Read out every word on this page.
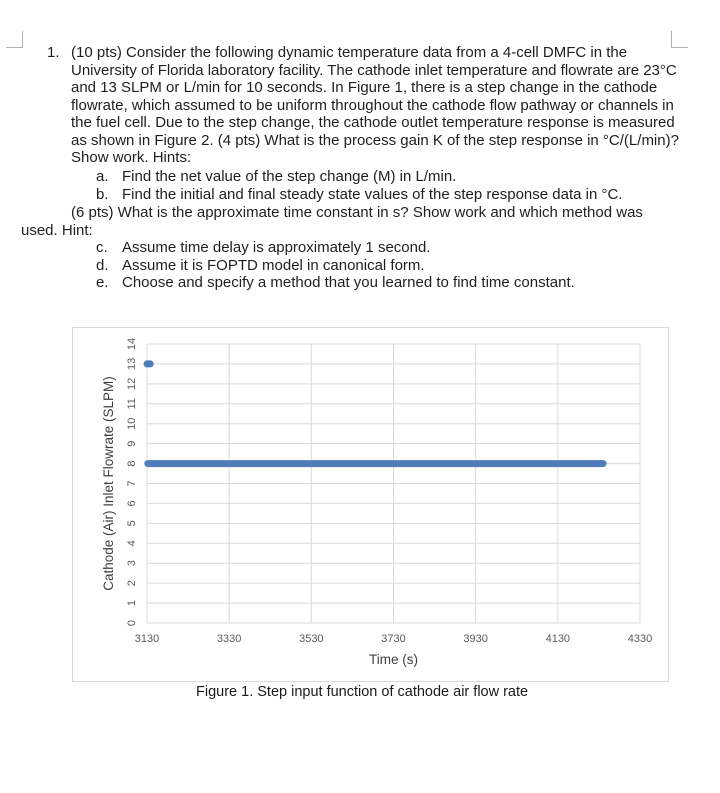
1. (10 pts) Consider the following dynamic temperature data from a 4-cell DMFC in the University of Florida laboratory facility. The cathode inlet temperature and flowrate are 23°C and 13 SLPM or L/min for 10 seconds. In Figure 1, there is a step change in the cathode flowrate, which assumed to be uniform throughout the cathode flow pathway or channels in the fuel cell. Due to the step change, the cathode outlet temperature response is measured as shown in Figure 2. (4 pts) What is the process gain K of the step response in °C/(L/min)? Show work. Hints:

a. Find the net value of the step change (M) in L/min.
b. Find the initial and final steady state values of the step response data in °C.
(6 pts) What is the approximate time constant in s? Show work and which method was
used. Hint:
c. Assume time delay is approximately 1 second.
d. Assume it is FOPTD model in canonical form.
e. Choose and specify a method that you learned to find time constant.
0
1
2
3
4
5
6
7
8
9
10
11
12
13
14
3130	3330	3530	3730	3930	4130	4330
Time (s)
Cathode (Air) Inlet Flowrate (SLPM)
Figure 1. Step input function of cathode air flow rate
